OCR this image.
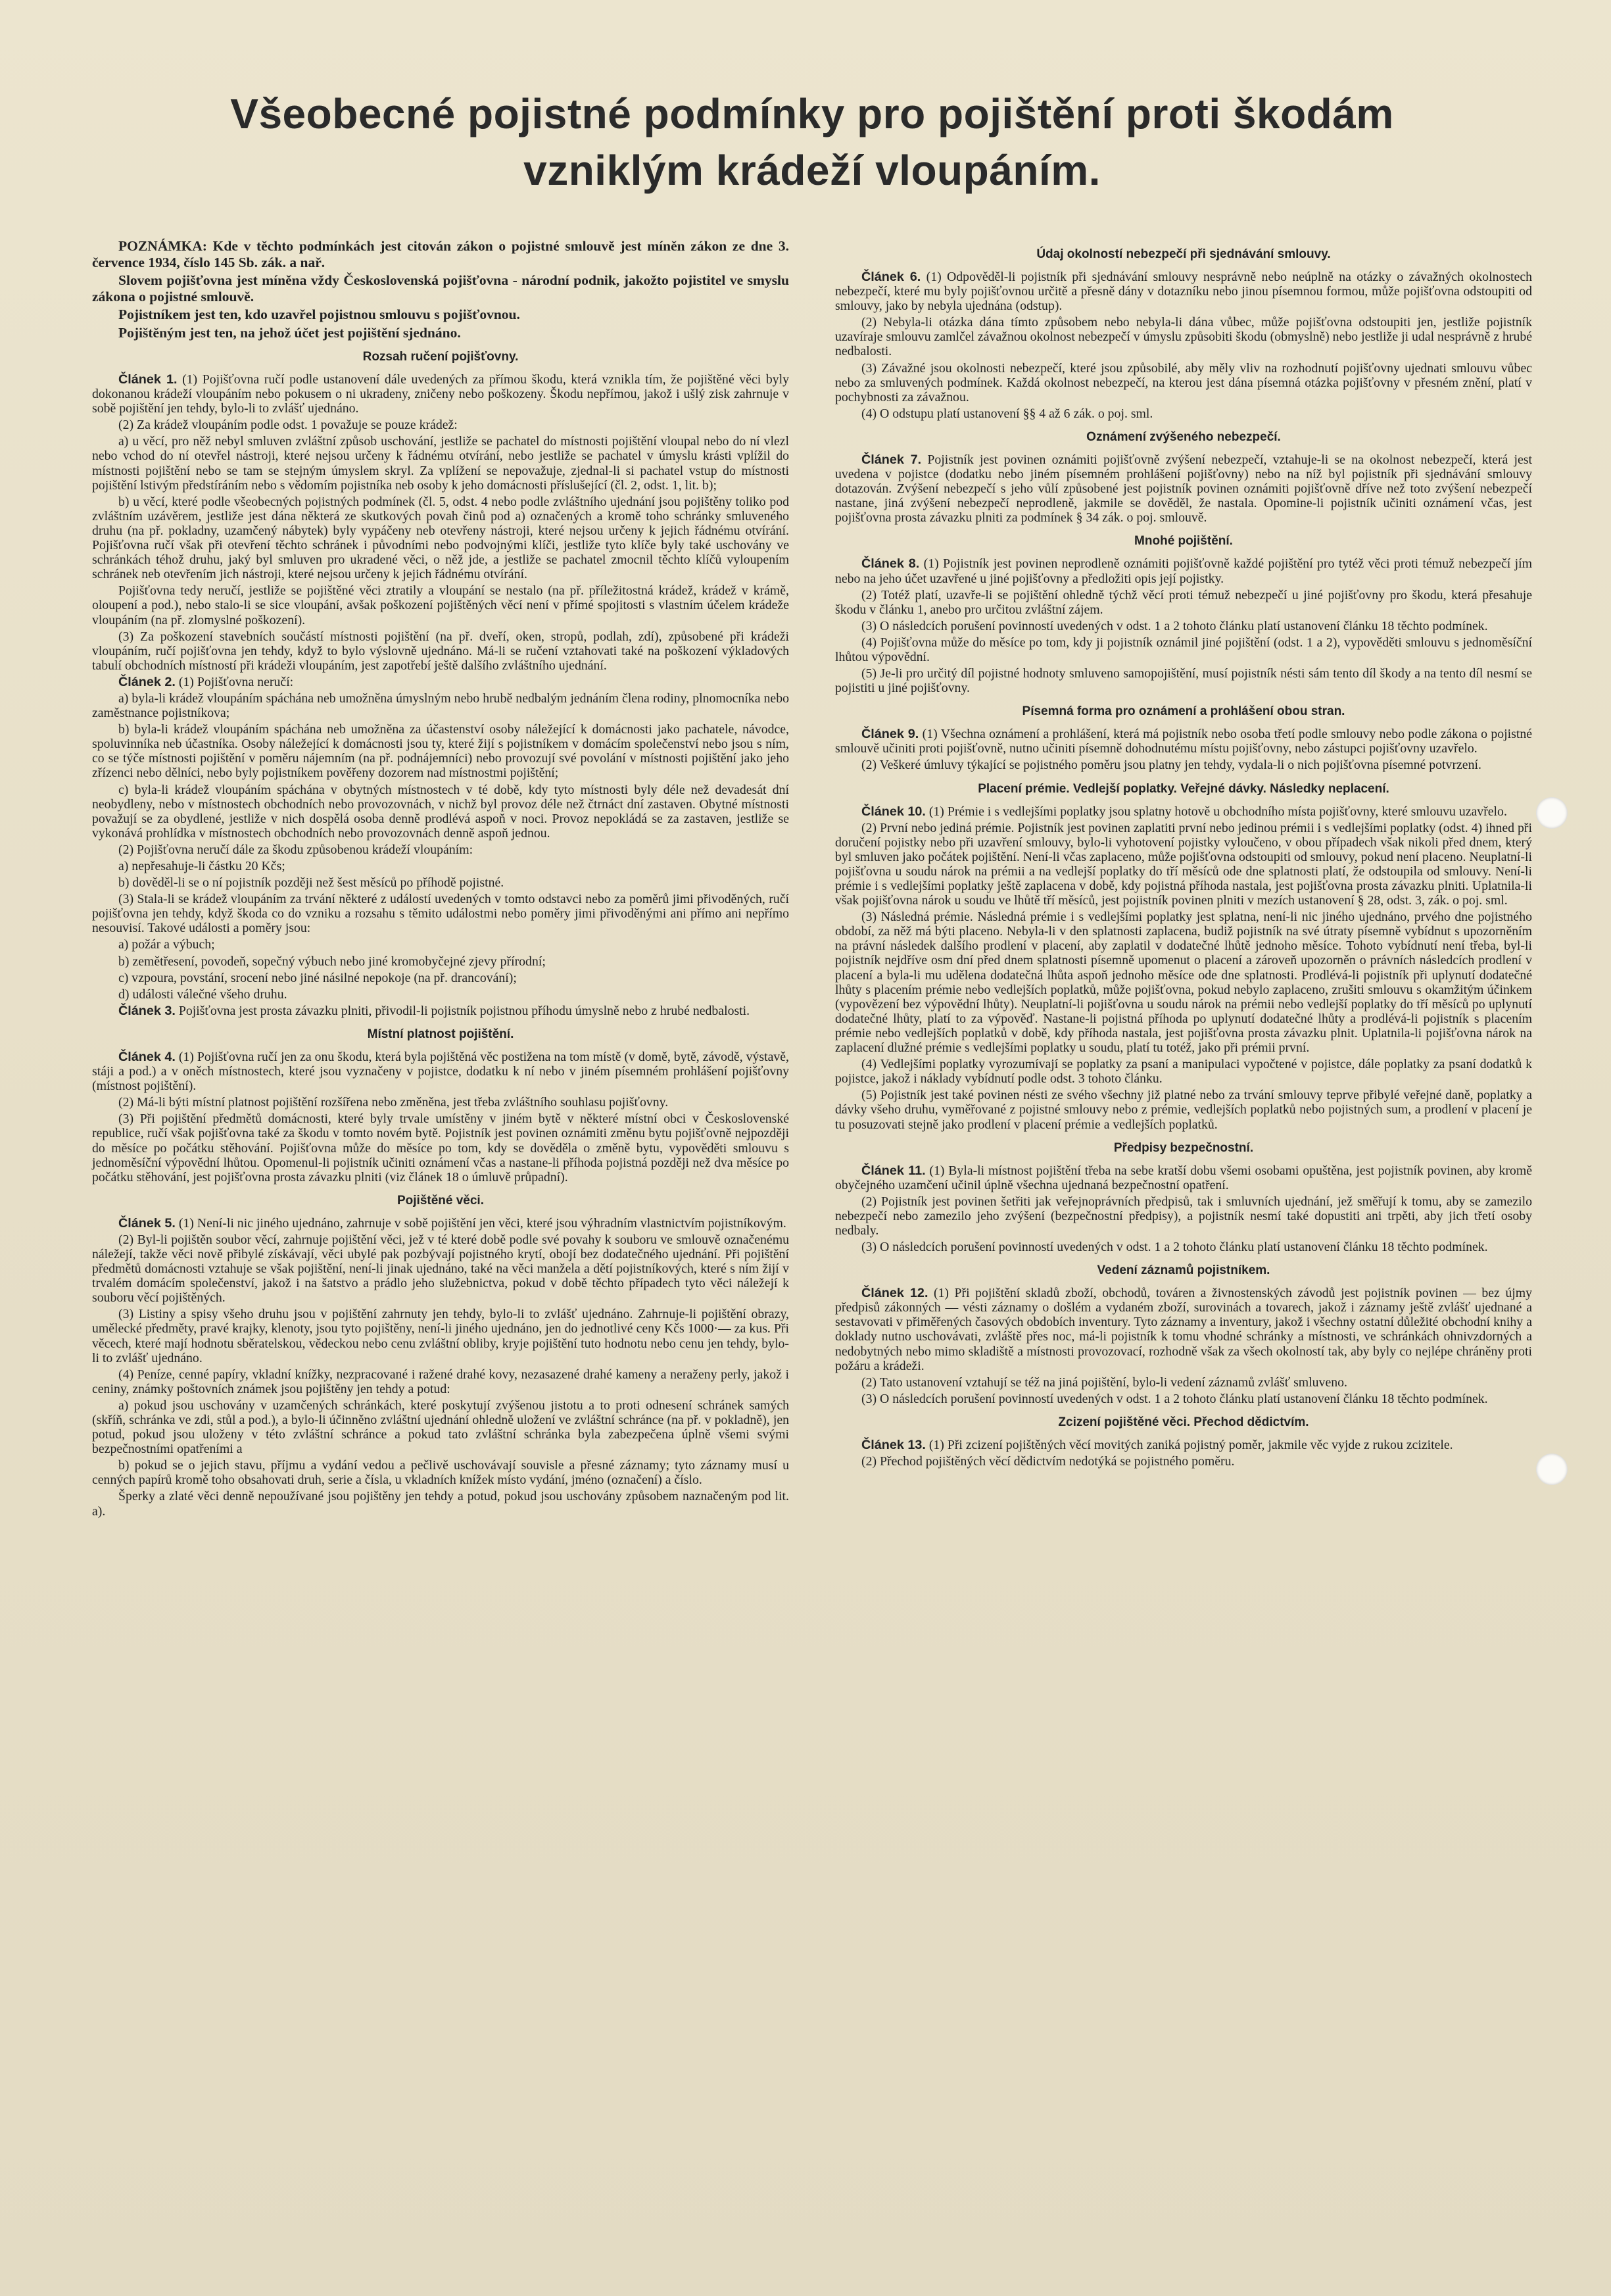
Všeobecné pojistné podmínky pro pojištění proti škodám
vzniklým krádeží vloupáním.

POZNÁMKA: Kde v těchto podmínkách jest citován zákon o pojistné smlouvě jest míněn zákon ze dne 3. července 1934, číslo 145 Sb. zák. a nař.

Slovem pojišťovna jest míněna vždy Československá pojišťovna - národní podnik, jakožto pojistitel ve smyslu zákona o pojistné smlouvě.

Pojistníkem jest ten, kdo uzavřel pojistnou smlouvu s pojišťovnou.

Pojištěným jest ten, na jehož účet jest pojištění sjednáno.

Rozsah ručení pojišťovny.

Článek 1. (1) Pojišťovna ručí podle ustanovení dále uvedených za přímou škodu, která vznikla tím, že pojištěné věci byly dokonanou krádeží vloupáním nebo pokusem o ni ukradeny, zničeny nebo poškozeny. Škodu nepřímou, jakož i ušlý zisk zahrnuje v sobě pojištění jen tehdy, bylo-li to zvlášť ujednáno.

(2) Za krádež vloupáním podle odst. 1 považuje se pouze krádež:

a) u věcí, pro něž nebyl smluven zvláštní způsob uschování, jestliže se pachatel do místnosti pojištění vloupal nebo do ní vlezl nebo vchod do ní otevřel nástroji, které nejsou určeny k řádnému otvírání, nebo jestliže se pachatel v úmyslu krásti vplížil do místnosti pojištění nebo se tam se stejným úmyslem skryl. Za vplížení se nepovažuje, zjednal-li si pachatel vstup do místnosti pojištění lstivým předstíráním nebo s vědomím pojistníka neb osoby k jeho domácnosti příslušející (čl. 2, odst. 1, lit. b);

b) u věcí, které podle všeobecných pojistných podmínek (čl. 5, odst. 4 nebo podle zvláštního ujednání jsou pojištěny toliko pod zvláštním uzávěrem, jestliže jest dána některá ze skutkových povah činů pod a) označených a kromě toho schránky smluveného druhu (na př. pokladny, uzamčený nábytek) byly vypáčeny neb otevřeny nástroji, které nejsou určeny k jejich řádnému otvírání. Pojišťovna ručí však při otevření těchto schránek i původními nebo podvojnými klíči, jestliže tyto klíče byly také uschovány ve schránkách téhož druhu, jaký byl smluven pro ukradené věci, o něž jde, a jestliže se pachatel zmocnil těchto klíčů vyloupením schránek neb otevřením jich nástroji, které nejsou určeny k jejich řádnému otvírání.

Pojišťovna tedy neručí, jestliže se pojištěné věci ztratily a vloupání se nestalo (na př. příležitostná krádež, krádež v krámě, oloupení a pod.), nebo stalo-li se sice vloupání, avšak poškození pojištěných věcí není v přímé spojitosti s vlastním účelem krádeže vloupáním (na př. zlomyslné poškození).

(3) Za poškození stavebních součástí místnosti pojištění (na př. dveří, oken, stropů, podlah, zdí), způsobené při krádeži vloupáním, ručí pojišťovna jen tehdy, když to bylo výslovně ujednáno. Má-li se ručení vztahovati také na poškození výkladových tabulí obchodních místností při krádeži vloupáním, jest zapotřebí ještě dalšího zvláštního ujednání.

Článek 2. (1) Pojišťovna neručí:

a) byla-li krádež vloupáním spáchána neb umožněna úmyslným nebo hrubě nedbalým jednáním člena rodiny, plnomocníka nebo zaměstnance pojistníkova;

b) byla-li krádež vloupáním spáchána neb umožněna za účastenství osoby náležející k domácnosti jako pachatele, návodce, spoluvinníka neb účastníka. Osoby náležející k domácnosti jsou ty, které žijí s pojistníkem v domácím společenství nebo jsou s ním, co se týče místnosti pojištění v poměru nájemním (na př. podnájemníci) nebo provozují své povolání v místnosti pojištění jako jeho zřízenci nebo dělníci, nebo byly pojistníkem pověřeny dozorem nad místnostmi pojištění;

c) byla-li krádež vloupáním spáchána v obytných místnostech v té době, kdy tyto místnosti byly déle než devadesát dní neobydleny, nebo v místnostech obchodních nebo provozovnách, v nichž byl provoz déle než čtrnáct dní zastaven. Obytné místnosti považují se za obydlené, jestliže v nich dospělá osoba denně prodlévá aspoň v noci. Provoz nepokládá se za zastaven, jestliže se vykonává prohlídka v místnostech obchodních nebo provozovnách denně aspoň jednou.

(2) Pojišťovna neručí dále za škodu způsobenou krádeží vloupáním:

a) nepřesahuje-li částku 20 Kčs;

b) dověděl-li se o ní pojistník později než šest měsíců po příhodě pojistné.

(3) Stala-li se krádež vloupáním za trvání některé z událostí uvedených v tomto odstavci nebo za poměrů jimi přivoděných, ručí pojišťovna jen tehdy, když škoda co do vzniku a rozsahu s těmito událostmi nebo poměry jimi přivoděnými ani přímo ani nepřímo nesouvisí. Takové události a poměry jsou:

a) požár a výbuch;

b) zemětřesení, povodeň, sopečný výbuch nebo jiné kromobyčejné zjevy přírodní;

c) vzpoura, povstání, srocení nebo jiné násilné nepokoje (na př. drancování);

d) události válečné všeho druhu.

Článek 3. Pojišťovna jest prosta závazku plniti, přivodil-li pojistník pojistnou příhodu úmyslně nebo z hrubé nedbalosti.

Místní platnost pojištění.

Článek 4. (1) Pojišťovna ručí jen za onu škodu, která byla pojištěná věc postižena na tom místě (v domě, bytě, závodě, výstavě, stáji a pod.) a v oněch místnostech, které jsou vyznačeny v pojistce, dodatku k ní nebo v jiném písemném prohlášení pojišťovny (místnost pojištění).

(2) Má-li býti místní platnost pojištění rozšířena nebo změněna, jest třeba zvláštního souhlasu pojišťovny.

(3) Při pojištění předmětů domácnosti, které byly trvale umístěny v jiném bytě v některé místní obci v Československé republice, ručí však pojišťovna také za škodu v tomto novém bytě. Pojistník jest povinen oznámiti změnu bytu pojišťovně nejpozději do měsíce po počátku stěhování. Pojišťovna může do měsíce po tom, kdy se dověděla o změně bytu, vypověděti smlouvu s jednoměsíční výpovědní lhůtou. Opomenul-li pojistník učiniti oznámení včas a nastane-li příhoda pojistná později než dva měsíce po počátku stěhování, jest pojišťovna prosta závazku plniti (viz článek 18 o úmluvě průpadní).

Pojištěné věci.

Článek 5. (1) Není-li nic jiného ujednáno, zahrnuje v sobě pojištění jen věci, které jsou výhradním vlastnictvím pojistníkovým.

(2) Byl-li pojištěn soubor věcí, zahrnuje pojištění věci, jež v té které době podle své povahy k souboru ve smlouvě označenému náležejí, takže věci nově přibylé získávají, věci ubylé pak pozbývají pojistného krytí, obojí bez dodatečného ujednání. Při pojištění předmětů domácnosti vztahuje se však pojištění, není-li jinak ujednáno, také na věci manžela a dětí pojistníkových, které s ním žijí v trvalém domácím společenství, jakož i na šatstvo a prádlo jeho služebnictva, pokud v době těchto případech tyto věci náležejí k souboru věcí pojištěných.

(3) Listiny a spisy všeho druhu jsou v pojištění zahrnuty jen tehdy, bylo-li to zvlášť ujednáno. Zahrnuje-li pojištění obrazy, umělecké předměty, pravé krajky, klenoty, jsou tyto pojištěny, není-li jiného ujednáno, jen do jednotlivé ceny Kčs 1000·— za kus. Při věcech, které mají hodnotu sběratelskou, vědeckou nebo cenu zvláštní obliby, kryje pojištění tuto hodnotu nebo cenu jen tehdy, bylo-li to zvlášť ujednáno.

(4) Peníze, cenné papíry, vkladní knížky, nezpracované i ražené drahé kovy, nezasazené drahé kameny a neraženy perly, jakož i ceniny, známky poštovních známek jsou pojištěny jen tehdy a potud:

a) pokud jsou uschovány v uzamčených schránkách, které poskytují zvýšenou jistotu a to proti odnesení schránek samých (skříň, schránka ve zdi, stůl a pod.), a bylo-li účinněno zvláštní ujednání ohledně uložení ve zvláštní schránce (na př. v pokladně), jen potud, pokud jsou uloženy v této zvláštní schránce a pokud tato zvláštní schránka byla zabezpečena úplně všemi svými bezpečnostními opatřeními a

b) pokud se o jejich stavu, příjmu a vydání vedou a pečlivě uschovávají souvisle a přesné záznamy; tyto záznamy musí u cenných papírů kromě toho obsahovati druh, serie a čísla, u vkladních knížek místo vydání, jméno (označení) a číslo.

Šperky a zlaté věci denně nepoužívané jsou pojištěny jen tehdy a potud, pokud jsou uschovány způsobem naznačeným pod lit. a).

Údaj okolností nebezpečí při sjednávání smlouvy.

Článek 6. (1) Odpověděl-li pojistník při sjednávání smlouvy nesprávně nebo neúplně na otázky o závažných okolnostech nebezpečí, které mu byly pojišťovnou určitě a přesně dány v dotazníku nebo jinou písemnou formou, může pojišťovna odstoupiti od smlouvy, jako by nebyla ujednána (odstup).

(2) Nebyla-li otázka dána tímto způsobem nebo nebyla-li dána vůbec, může pojišťovna odstoupiti jen, jestliže pojistník uzavíraje smlouvu zamlčel závažnou okolnost nebezpečí v úmyslu způsobiti škodu (obmyslně) nebo jestliže ji udal nesprávně z hrubé nedbalosti.

(3) Závažné jsou okolnosti nebezpečí, které jsou způsobilé, aby měly vliv na rozhodnutí pojišťovny ujednati smlouvu vůbec nebo za smluvených podmínek. Každá okolnost nebezpečí, na kterou jest dána písemná otázka pojišťovny v přesném znění, platí v pochybnosti za závažnou.

(4) O odstupu platí ustanovení §§ 4 až 6 zák. o poj. sml.

Oznámení zvýšeného nebezpečí.

Článek 7. Pojistník jest povinen oznámiti pojišťovně zvýšení nebezpečí, vztahuje-li se na okolnost nebezpečí, která jest uvedena v pojistce (dodatku nebo jiném písemném prohlášení pojišťovny) nebo na níž byl pojistník při sjednávání smlouvy dotazován. Zvýšení nebezpečí s jeho vůlí způsobené jest pojistník povinen oznámiti pojišťovně dříve než toto zvýšení nebezpečí nastane, jiná zvýšení nebezpečí neprodleně, jakmile se dověděl, že nastala. Opomine-li pojistník učiniti oznámení včas, jest pojišťovna prosta závazku plniti za podmínek § 34 zák. o poj. smlouvě.

Mnohé pojištění.

Článek 8. (1) Pojistník jest povinen neprodleně oznámiti pojišťovně každé pojištění pro tytéž věci proti témuž nebezpečí jím nebo na jeho účet uzavřené u jiné pojišťovny a předložiti opis její pojistky.

(2) Totéž platí, uzavře-li se pojištění ohledně týchž věcí proti témuž nebezpečí u jiné pojišťovny pro škodu, která přesahuje škodu v článku 1, anebo pro určitou zvláštní zájem.

(3) O následcích porušení povinností uvedených v odst. 1 a 2 tohoto článku platí ustanovení článku 18 těchto podmínek.

(4) Pojišťovna může do měsíce po tom, kdy ji pojistník oznámil jiné pojištění (odst. 1 a 2), vypověděti smlouvu s jednoměsíční lhůtou výpovědní.

(5) Je-li pro určitý díl pojistné hodnoty smluveno samopojištění, musí pojistník nésti sám tento díl škody a na tento díl nesmí se pojistiti u jiné pojišťovny.

Písemná forma pro oznámení a prohlášení obou stran.

Článek 9. (1) Všechna oznámení a prohlášení, která má pojistník nebo osoba třetí podle smlouvy nebo podle zákona o pojistné smlouvě učiniti proti pojišťovně, nutno učiniti písemně dohodnutému místu pojišťovny, nebo zástupci pojišťovny uzavřelo.

(2) Veškeré úmluvy týkající se pojistného poměru jsou platny jen tehdy, vydala-li o nich pojišťovna písemné potvrzení.

Placení prémie. Vedlejší poplatky. Veřejné dávky. Následky neplacení.

Článek 10. (1) Prémie i s vedlejšími poplatky jsou splatny hotově u obchodního místa pojišťovny, které smlouvu uzavřelo.

(2) První nebo jediná prémie. Pojistník jest povinen zaplatiti první nebo jedinou prémii i s vedlejšími poplatky (odst. 4) ihned při doručení pojistky nebo při uzavření smlouvy, bylo-li vyhotovení pojistky vyloučeno, v obou případech však nikoli před dnem, který byl smluven jako počátek pojištění. Není-li včas zaplaceno, může pojišťovna odstoupiti od smlouvy, pokud není placeno. Neuplatní-li pojišťovna u soudu nárok na prémii a na vedlejší poplatky do tří měsíců ode dne splatnosti platí, že odstoupila od smlouvy. Není-li prémie i s vedlejšími poplatky ještě zaplacena v době, kdy pojistná příhoda nastala, jest pojišťovna prosta závazku plniti. Uplatnila-li však pojišťovna nárok u soudu ve lhůtě tří měsíců, jest pojistník povinen plniti v mezích ustanovení § 28, odst. 3, zák. o poj. sml.

(3) Následná prémie. Následná prémie i s vedlejšími poplatky jest splatna, není-li nic jiného ujednáno, prvého dne pojistného období, za něž má býti placeno. Nebyla-li v den splatnosti zaplacena, budiž pojistník na své útraty písemně vybídnut s upozorněním na právní následek dalšího prodlení v placení, aby zaplatil v dodatečné lhůtě jednoho měsíce. Tohoto vybídnutí není třeba, byl-li pojistník nejdříve osm dní před dnem splatnosti písemně upomenut o placení a zároveň upozorněn o právních následcích prodlení v placení a byla-li mu udělena dodatečná lhůta aspoň jednoho měsíce ode dne splatnosti. Prodlévá-li pojistník při uplynutí dodatečné lhůty s placením prémie nebo vedlejších poplatků, může pojišťovna, pokud nebylo zaplaceno, zrušiti smlouvu s okamžitým účinkem (vypovězení bez výpovědní lhůty). Neuplatní-li pojišťovna u soudu nárok na prémii nebo vedlejší poplatky do tří měsíců po uplynutí dodatečné lhůty, platí to za výpověď. Nastane-li pojistná příhoda po uplynutí dodatečné lhůty a prodlévá-li pojistník s placením prémie nebo vedlejších poplatků v době, kdy příhoda nastala, jest pojišťovna prosta závazku plnit. Uplatnila-li pojišťovna nárok na zaplacení dlužné prémie s vedlejšími poplatky u soudu, platí tu totéž, jako při prémii první.

(4) Vedlejšími poplatky vyrozumívají se poplatky za psaní a manipulaci vypočtené v pojistce, dále poplatky za psaní dodatků k pojistce, jakož i náklady vybídnutí podle odst. 3 tohoto článku.

(5) Pojistník jest také povinen nésti ze svého všechny již platné nebo za trvání smlouvy teprve přibylé veřejné daně, poplatky a dávky všeho druhu, vyměřované z pojistné smlouvy nebo z prémie, vedlejších poplatků nebo pojistných sum, a prodlení v placení je tu posuzovati stejně jako prodlení v placení prémie a vedlejších poplatků.

Předpisy bezpečnostní.

Článek 11. (1) Byla-li místnost pojištění třeba na sebe kratší dobu všemi osobami opuštěna, jest pojistník povinen, aby kromě obyčejného uzamčení učinil úplně všechna ujednaná bezpečnostní opatření.

(2) Pojistník jest povinen šetřiti jak veřejnoprávních předpisů, tak i smluvních ujednání, jež směřují k tomu, aby se zamezilo nebezpečí nebo zamezilo jeho zvýšení (bezpečnostní předpisy), a pojistník nesmí také dopustiti ani trpěti, aby jich třetí osoby nedbaly.

(3) O následcích porušení povinností uvedených v odst. 1 a 2 tohoto článku platí ustanovení článku 18 těchto podmínek.

Vedení záznamů pojistníkem.

Článek 12. (1) Při pojištění skladů zboží, obchodů, továren a živnostenských závodů jest pojistník povinen — bez újmy předpisů zákonných — vésti záznamy o došlém a vydaném zboží, surovinách a tovarech, jakož i záznamy ještě zvlášť ujednané a sestavovati v přiměřených časových obdobích inventury. Tyto záznamy a inventury, jakož i všechny ostatní důležité obchodní knihy a doklady nutno uschovávati, zvláště přes noc, má-li pojistník k tomu vhodné schránky a místnosti, ve schránkách ohnivzdorných a nedobytných nebo mimo skladiště a místnosti provozovací, rozhodně však za všech okolností tak, aby byly co nejlépe chráněny proti požáru a krádeži.

(2) Tato ustanovení vztahují se též na jiná pojištění, bylo-li vedení záznamů zvlášť smluveno.

(3) O následcích porušení povinností uvedených v odst. 1 a 2 tohoto článku platí ustanovení článku 18 těchto podmínek.

Zcizení pojištěné věci. Přechod dědictvím.

Článek 13. (1) Při zcizení pojištěných věcí movitých zaniká pojistný poměr, jakmile věc vyjde z rukou zcizitele.

(2) Přechod pojištěných věcí dědictvím nedotýká se pojistného poměru.
